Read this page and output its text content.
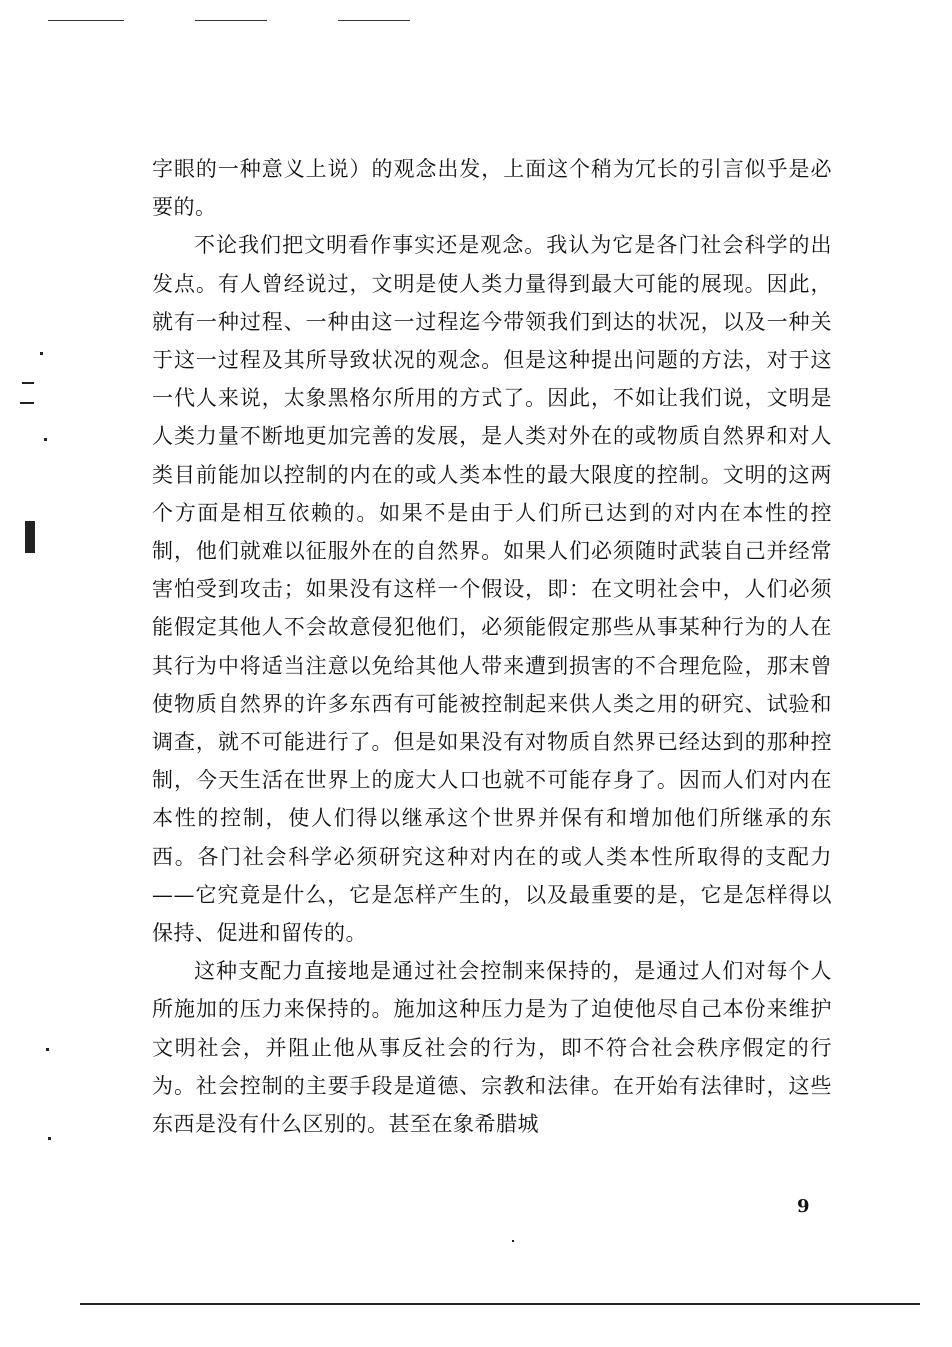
字眼的一种意义上说）的观念出发，上面这个稍为冗长的引言似乎是必要的。

不论我们把文明看作事实还是观念。我认为它是各门社会科学的出发点。有人曾经说过，文明是使人类力量得到最大可能的展现。因此，就有一种过程、一种由这一过程迄今带领我们到达的状况，以及一种关于这一过程及其所导致状况的观念。但是这种提出问题的方法，对于这一代人来说，太象黑格尔所用的方式了。因此，不如让我们说，文明是人类力量不断地更加完善的发展，是人类对外在的或物质自然界和对人类目前能加以控制的内在的或人类本性的最大限度的控制。文明的这两个方面是相互依赖的。如果不是由于人们所已达到的对内在本性的控制，他们就难以征服外在的自然界。如果人们必须随时武装自己并经常害怕受到攻击；如果没有这样一个假设，即：在文明社会中，人们必须能假定其他人不会故意侵犯他们，必须能假定那些从事某种行为的人在其行为中将适当注意以免给其他人带来遭到损害的不合理危险，那末曾使物质自然界的许多东西有可能被控制起来供人类之用的研究、试验和调查，就不可能进行了。但是如果没有对物质自然界已经达到的那种控制，今天生活在世界上的庞大人口也就不可能存身了。因而人们对内在本性的控制，使人们得以继承这个世界并保有和增加他们所继承的东西。各门社会科学必须研究这种对内在的或人类本性所取得的支配力——它究竟是什么，它是怎样产生的，以及最重要的是，它是怎样得以保持、促进和留传的。

这种支配力直接地是通过社会控制来保持的，是通过人们对每个人所施加的压力来保持的。施加这种压力是为了迫使他尽自己本份来维护文明社会，并阻止他从事反社会的行为，即不符合社会秩序假定的行为。社会控制的主要手段是道德、宗教和法律。在开始有法律时，这些东西是没有什么区别的。甚至在象希腊城

9
